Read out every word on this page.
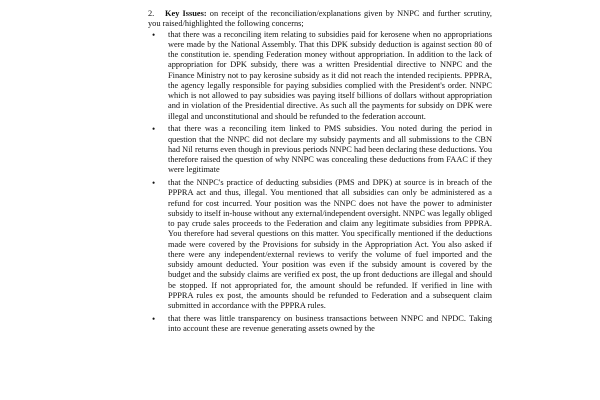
2. Key Issues: on receipt of the reconciliation/explanations given by NNPC and further scrutiny, you raised/highlighted the following concerns;

• that there was a reconciling item relating to subsidies paid for kerosene when no appropriations were made by the National Assembly. That this DPK subsidy deduction is against section 80 of the constitution ie. spending Federation money without appropriation. In addition to the lack of appropriation for DPK subsidy, there was a written Presidential directive to NNPC and the Finance Ministry not to pay kerosine subsidy as it did not reach the intended recipients. PPPRA, the agency legally responsible for paying subsidies complied with the President's order. NNPC which is not allowed to pay subsidies was paying itself billions of dollars without appropriation and in violation of the Presidential directive. As such all the payments for subsidy on DPK were illegal and unconstitutional and should be refunded to the federation account.
• that there was a reconciling item linked to PMS subsidies. You noted during the period in question that the NNPC did not declare my subsidy payments and all submissions to the CBN had Nil returns even though in previous periods NNPC had been declaring these deductions. You therefore raised the question of why NNPC was concealing these deductions from FAAC if they were legitimate
• that the NNPC's practice of deducting subsidies (PMS and DPK) at source is in breach of the PPPRA act and thus, illegal. You mentioned that all subsidies can only be administered as a refund for cost incurred. Your position was the NNPC does not have the power to administer subsidy to itself in-house without any external/independent oversight. NNPC was legally obliged to pay crude sales proceeds to the Federation and claim any legitimate subsidies from PPPRA. You therefore had several questions on this matter. You specifically mentioned if the deductions made were covered by the Provisions for subsidy in the Appropriation Act. You also asked if there were any independent/external reviews to verify the volume of fuel imported and the subsidy amount deducted. Your position was even if the subsidy amount is covered by the budget and the subsidy claims are verified ex post, the up front deductions are illegal and should be stopped. If not appropriated for, the amount should be refunded. If verified in line with PPPRA rules ex post, the amounts should be refunded to Federation and a subsequent claim submitted in accordance with the PPPRA rules.
• that there was little transparency on business transactions between NNPC and NPDC. Taking into account these are revenue generating assets owned by the
